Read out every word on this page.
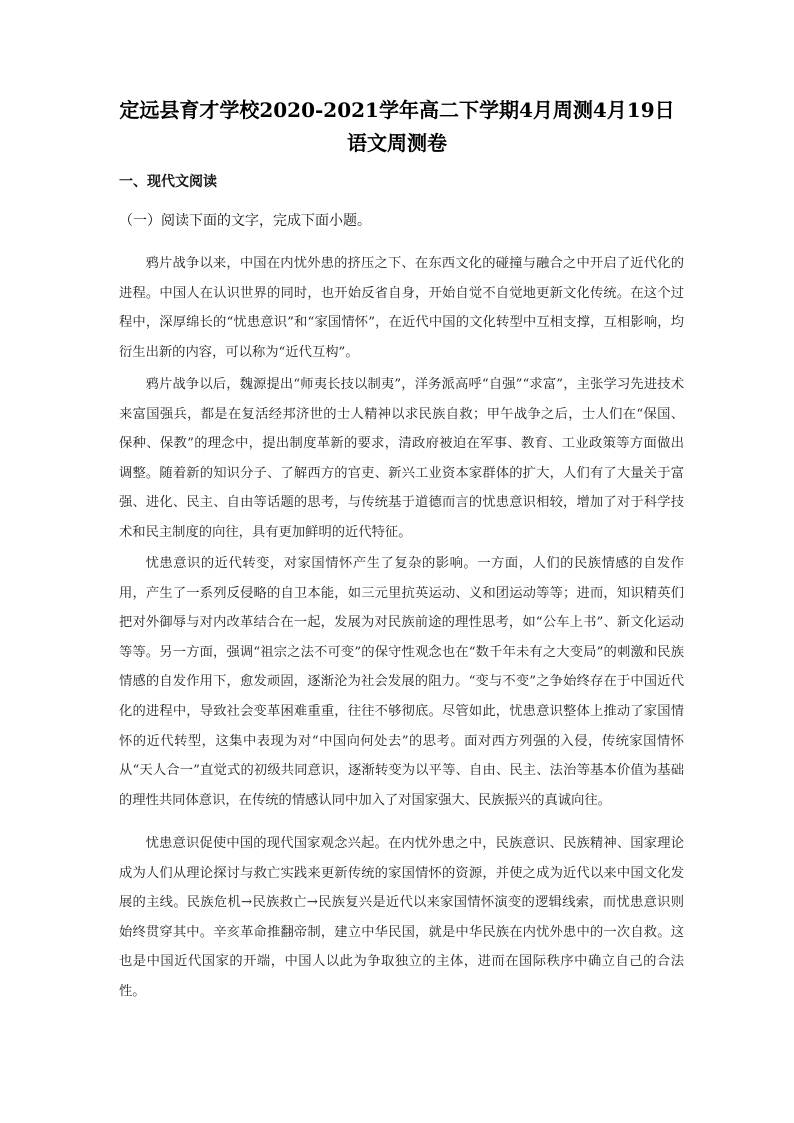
定远县育才学校2020-2021学年高二下学期4月周测4月19日
语文周测卷
一、现代文阅读
（一）阅读下面的文字，完成下面小题。

鸦片战争以来，中国在内忧外患的挤压之下、在东西文化的碰撞与融合之中开启了近代化的进程。中国人在认识世界的同时，也开始反省自身，开始自觉不自觉地更新文化传统。在这个过程中，深厚绵长的“忧患意识”和“家国情怀”，在近代中国的文化转型中互相支撑，互相影响，均衍生出新的内容，可以称为“近代互构”。

鸦片战争以后，魏源提出“师夷长技以制夷”，洋务派高呼“自强”“求富”，主张学习先进技术来富国强兵，都是在复活经邦济世的士人精神以求民族自救；甲午战争之后，士人们在“保国、保种、保教”的理念中，提出制度革新的要求，清政府被迫在军事、教育、工业政策等方面做出调整。随着新的知识分子、了解西方的官吏、新兴工业资本家群体的扩大，人们有了大量关于富强、进化、民主、自由等话题的思考，与传统基于道德而言的忧患意识相较，增加了对于科学技术和民主制度的向往，具有更加鲜明的近代特征。

忧患意识的近代转变，对家国情怀产生了复杂的影响。一方面，人们的民族情感的自发作用，产生了一系列反侵略的自卫本能，如三元里抗英运动、义和团运动等等；进而，知识精英们把对外御辱与对内改革结合在一起，发展为对民族前途的理性思考，如“公车上书”、新文化运动等等。另一方面，强调“祖宗之法不可变”的保守性观念也在“数千年未有之大变局”的刺激和民族情感的自发作用下，愈发顽固，逐渐沦为社会发展的阻力。“变与不变”之争始终存在于中国近代化的进程中，导致社会变革困难重重，往往不够彻底。尽管如此，忧患意识整体上推动了家国情怀的近代转型，这集中表现为对“中国向何处去”的思考。面对西方列强的入侵，传统家国情怀从“天人合一”直觉式的初级共同意识，逐渐转变为以平等、自由、民主、法治等基本价值为基础的理性共同体意识，在传统的情感认同中加入了对国家强大、民族振兴的真诚向往。

忧患意识促使中国的现代国家观念兴起。在内忧外患之中，民族意识、民族精神、国家理论成为人们从理论探讨与救亡实践来更新传统的家国情怀的资源，并使之成为近代以来中国文化发展的主线。民族危机→民族救亡→民族复兴是近代以来家国情怀演变的逻辑线索，而忧患意识则始终贯穿其中。辛亥革命推翻帝制，建立中华民国，就是中华民族在内忧外患中的一次自救。这也是中国近代国家的开端，中国人以此为争取独立的主体，进而在国际秩序中确立自己的合法性。
